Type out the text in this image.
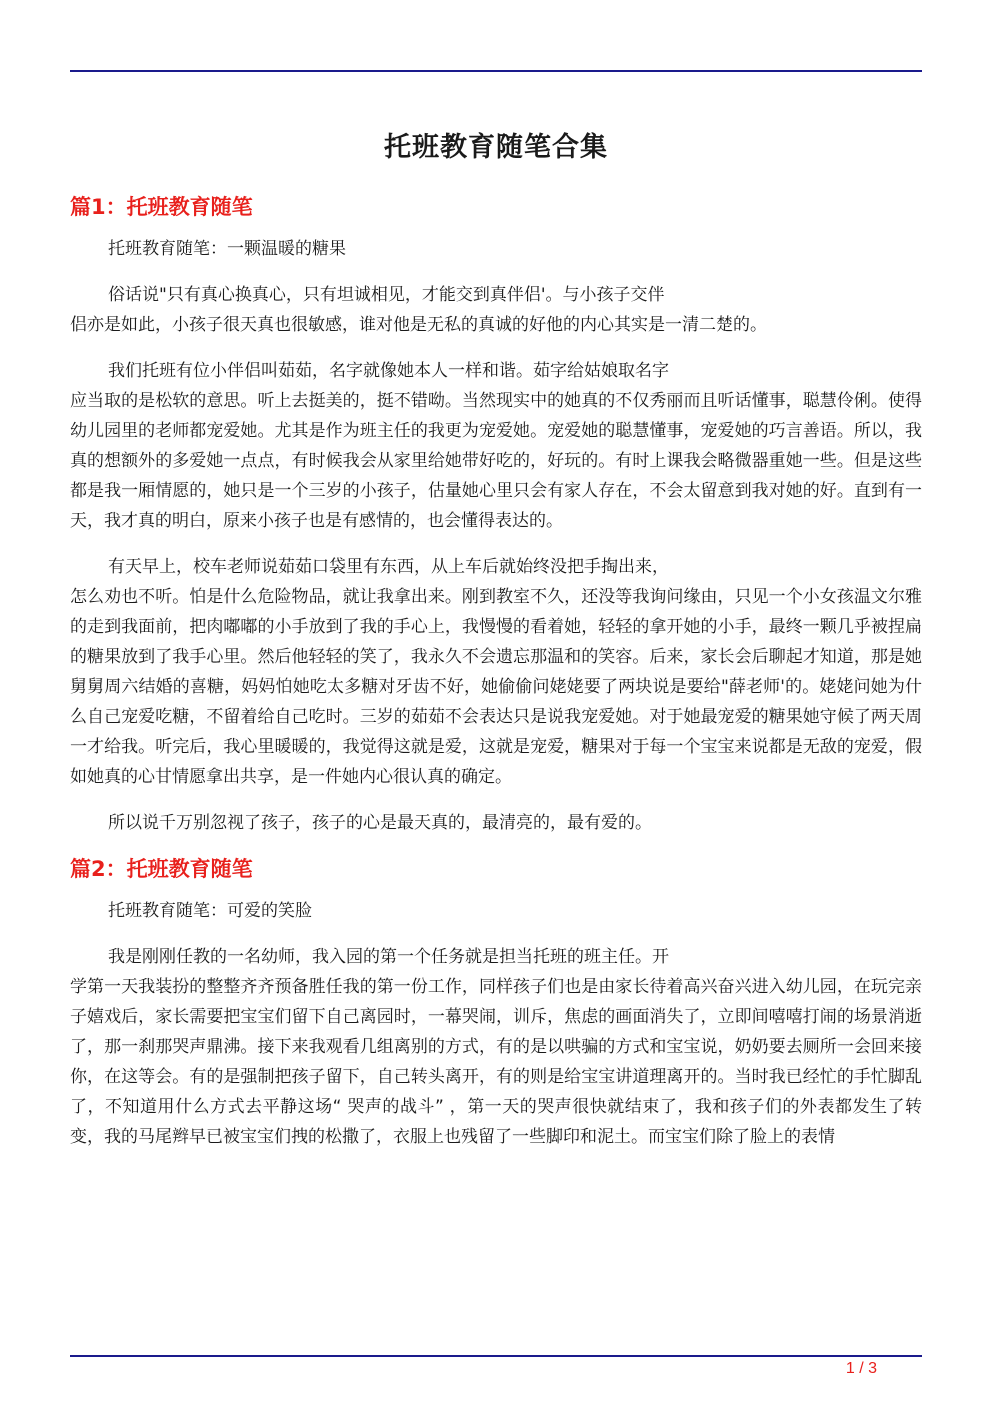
托班教育随笔合集
篇1：托班教育随笔

托班教育随笔：一颗温暖的糖果

俗话说"只有真心换真心，只有坦诚相见，才能交到真伴侣'。与小孩子交伴
侣亦是如此，小孩子很天真也很敏感，谁对他是无私的真诚的好他的内心其实是一清二楚的。

我们托班有位小伴侣叫茹茹，名字就像她本人一样和谐。茹字给姑娘取名字
应当取的是松软的意思。听上去挺美的，挺不错呦。当然现实中的她真的不仅秀丽而且听话懂事，聪慧伶俐。使得幼儿园里的老师都宠爱她。尤其是作为班主任的我更为宠爱她。宠爱她的聪慧懂事，宠爱她的巧言善语。所以，我真的想额外的多爱她一点点，有时候我会从家里给她带好吃的，好玩的。有时上课我会略微器重她一些。但是这些都是我一厢情愿的，她只是一个三岁的小孩子，估量她心里只会有家人存在，不会太留意到我对她的好。直到有一天，我才真的明白，原来小孩子也是有感情的，也会懂得表达的。

有天早上，校车老师说茹茹口袋里有东西，从上车后就始终没把手掏出来，
怎么劝也不听。怕是什么危险物品，就让我拿出来。刚到教室不久，还没等我询问缘由，只见一个小女孩温文尔雅的走到我面前，把肉嘟嘟的小手放到了我的手心上，我慢慢的看着她，轻轻的拿开她的小手，最终一颗几乎被捏扁的糖果放到了我手心里。然后他轻轻的笑了，我永久不会遗忘那温和的笑容。后来，家长会后聊起才知道，那是她舅舅周六结婚的喜糖，妈妈怕她吃太多糖对牙齿不好，她偷偷问姥姥要了两块说是要给"薛老师'的。姥姥问她为什么自己宠爱吃糖，不留着给自己吃时。三岁的茹茹不会表达只是说我宠爱她。对于她最宠爱的糖果她守候了两天周一才给我。听完后，我心里暖暖的，我觉得这就是爱，这就是宠爱，糖果对于每一个宝宝来说都是无敌的宠爱，假如她真的心甘情愿拿出共享，是一件她内心很认真的确定。

所以说千万别忽视了孩子，孩子的心是最天真的，最清亮的，最有爱的。

篇2：托班教育随笔

托班教育随笔：可爱的笑脸

我是刚刚任教的一名幼师，我入园的第一个任务就是担当托班的班主任。开
学第一天我装扮的整整齐齐预备胜任我的第一份工作，同样孩子们也是由家长待着高兴奋兴进入幼儿园，在玩完亲子嬉戏后，家长需要把宝宝们留下自己离园时，一幕哭闹，训斥，焦虑的画面消失了，立即间嘻嘻打闹的场景消逝了，那一刹那哭声鼎沸。接下来我观看几组离别的方式，有的是以哄骗的方式和宝宝说，奶奶要去厕所一会回来接你，在这等会。有的是强制把孩子留下，自己转头离开，有的则是给宝宝讲道理离开的。当时我已经忙的手忙脚乱了，不知道用什么方式去平静这场“ 哭声的战斗” ，第一天的哭声很快就结束了，我和孩子们的外表都发生了转变，我的马尾辫早已被宝宝们拽的松撒了，衣服上也残留了一些脚印和泥土。而宝宝们除了脸上的表情

1 / 3
